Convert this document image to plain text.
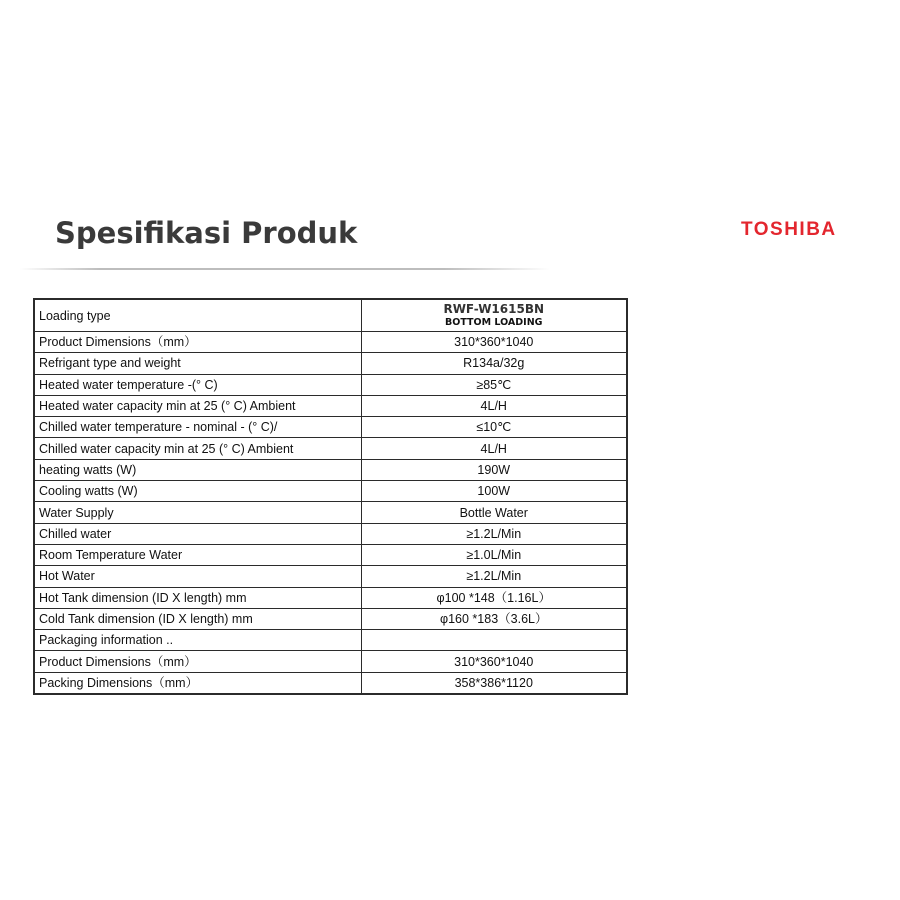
Spesifikasi Produk	TOSHIBA
Loading type	RWF-W1615BN
BOTTOM LOADING

Product Dimensions（mm）	310*360*1040
Refrigant type and weight	R134a/32g
Heated water temperature -(° C)	≥85℃
Heated water capacity min at 25 (° C) Ambient	4L/H
Chilled water temperature - nominal - (° C)/	≤10℃
Chilled water capacity min at 25 (° C) Ambient	4L/H
heating watts (W)	190W
Cooling watts (W)	100W
Water Supply	Bottle Water
Chilled water	≥1.2L/Min
Room Temperature Water	≥1.0L/Min
Hot Water	≥1.2L/Min
Hot Tank dimension (ID X length) mm	φ100 *148（1.16L）
Cold Tank dimension (ID X length) mm	φ160 *183（3.6L）
Packaging information ..	
Product Dimensions（mm）	310*360*1040
Packing Dimensions（mm）	358*386*1120
